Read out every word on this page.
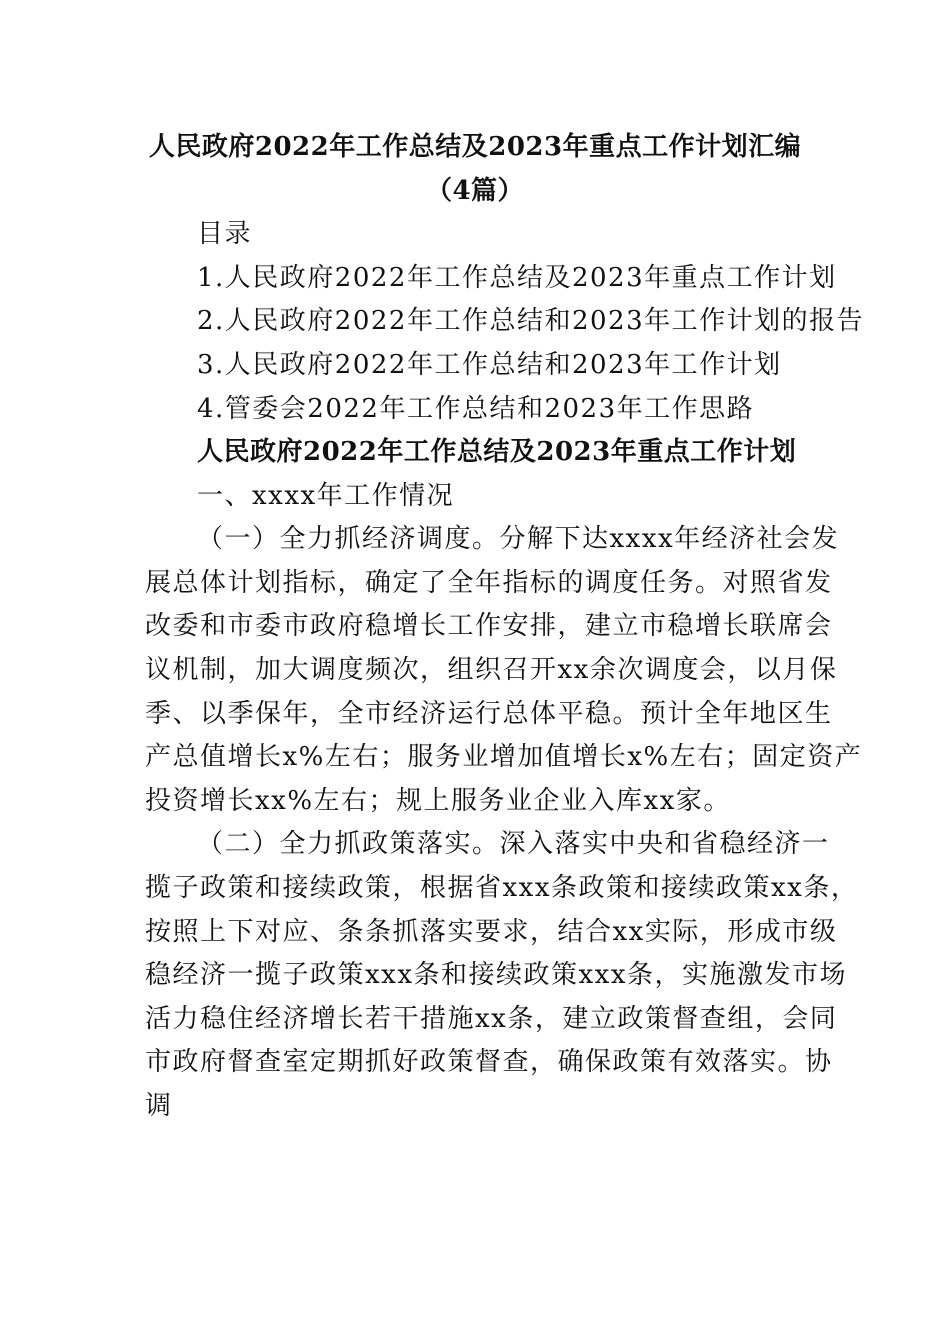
人民政府2022年工作总结及2023年重点工作计划汇编
（4篇）
目录
1.人民政府2022年工作总结及2023年重点工作计划
2.人民政府2022年工作总结和2023年工作计划的报告
3.人民政府2022年工作总结和2023年工作计划
4.管委会2022年工作总结和2023年工作思路
人民政府2022年工作总结及2023年重点工作计划
一、xxxx年工作情况
（一）全力抓经济调度。分解下达xxxx年经济社会发
展总体计划指标，确定了全年指标的调度任务。对照省发
改委和市委市政府稳增长工作安排，建立市稳增长联席会
议机制，加大调度频次，组织召开xx余次调度会，以月保
季、以季保年，全市经济运行总体平稳。预计全年地区生
产总值增长x%左右；服务业增加值增长x%左右；固定资产
投资增长xx%左右；规上服务业企业入库xx家。
（二）全力抓政策落实。深入落实中央和省稳经济一
揽子政策和接续政策，根据省xxx条政策和接续政策xx条，
按照上下对应、条条抓落实要求，结合xx实际，形成市级
稳经济一揽子政策xxx条和接续政策xxx条，实施激发市场
活力稳住经济增长若干措施xx条，建立政策督查组，会同
市政府督查室定期抓好政策督查，确保政策有效落实。协
调
